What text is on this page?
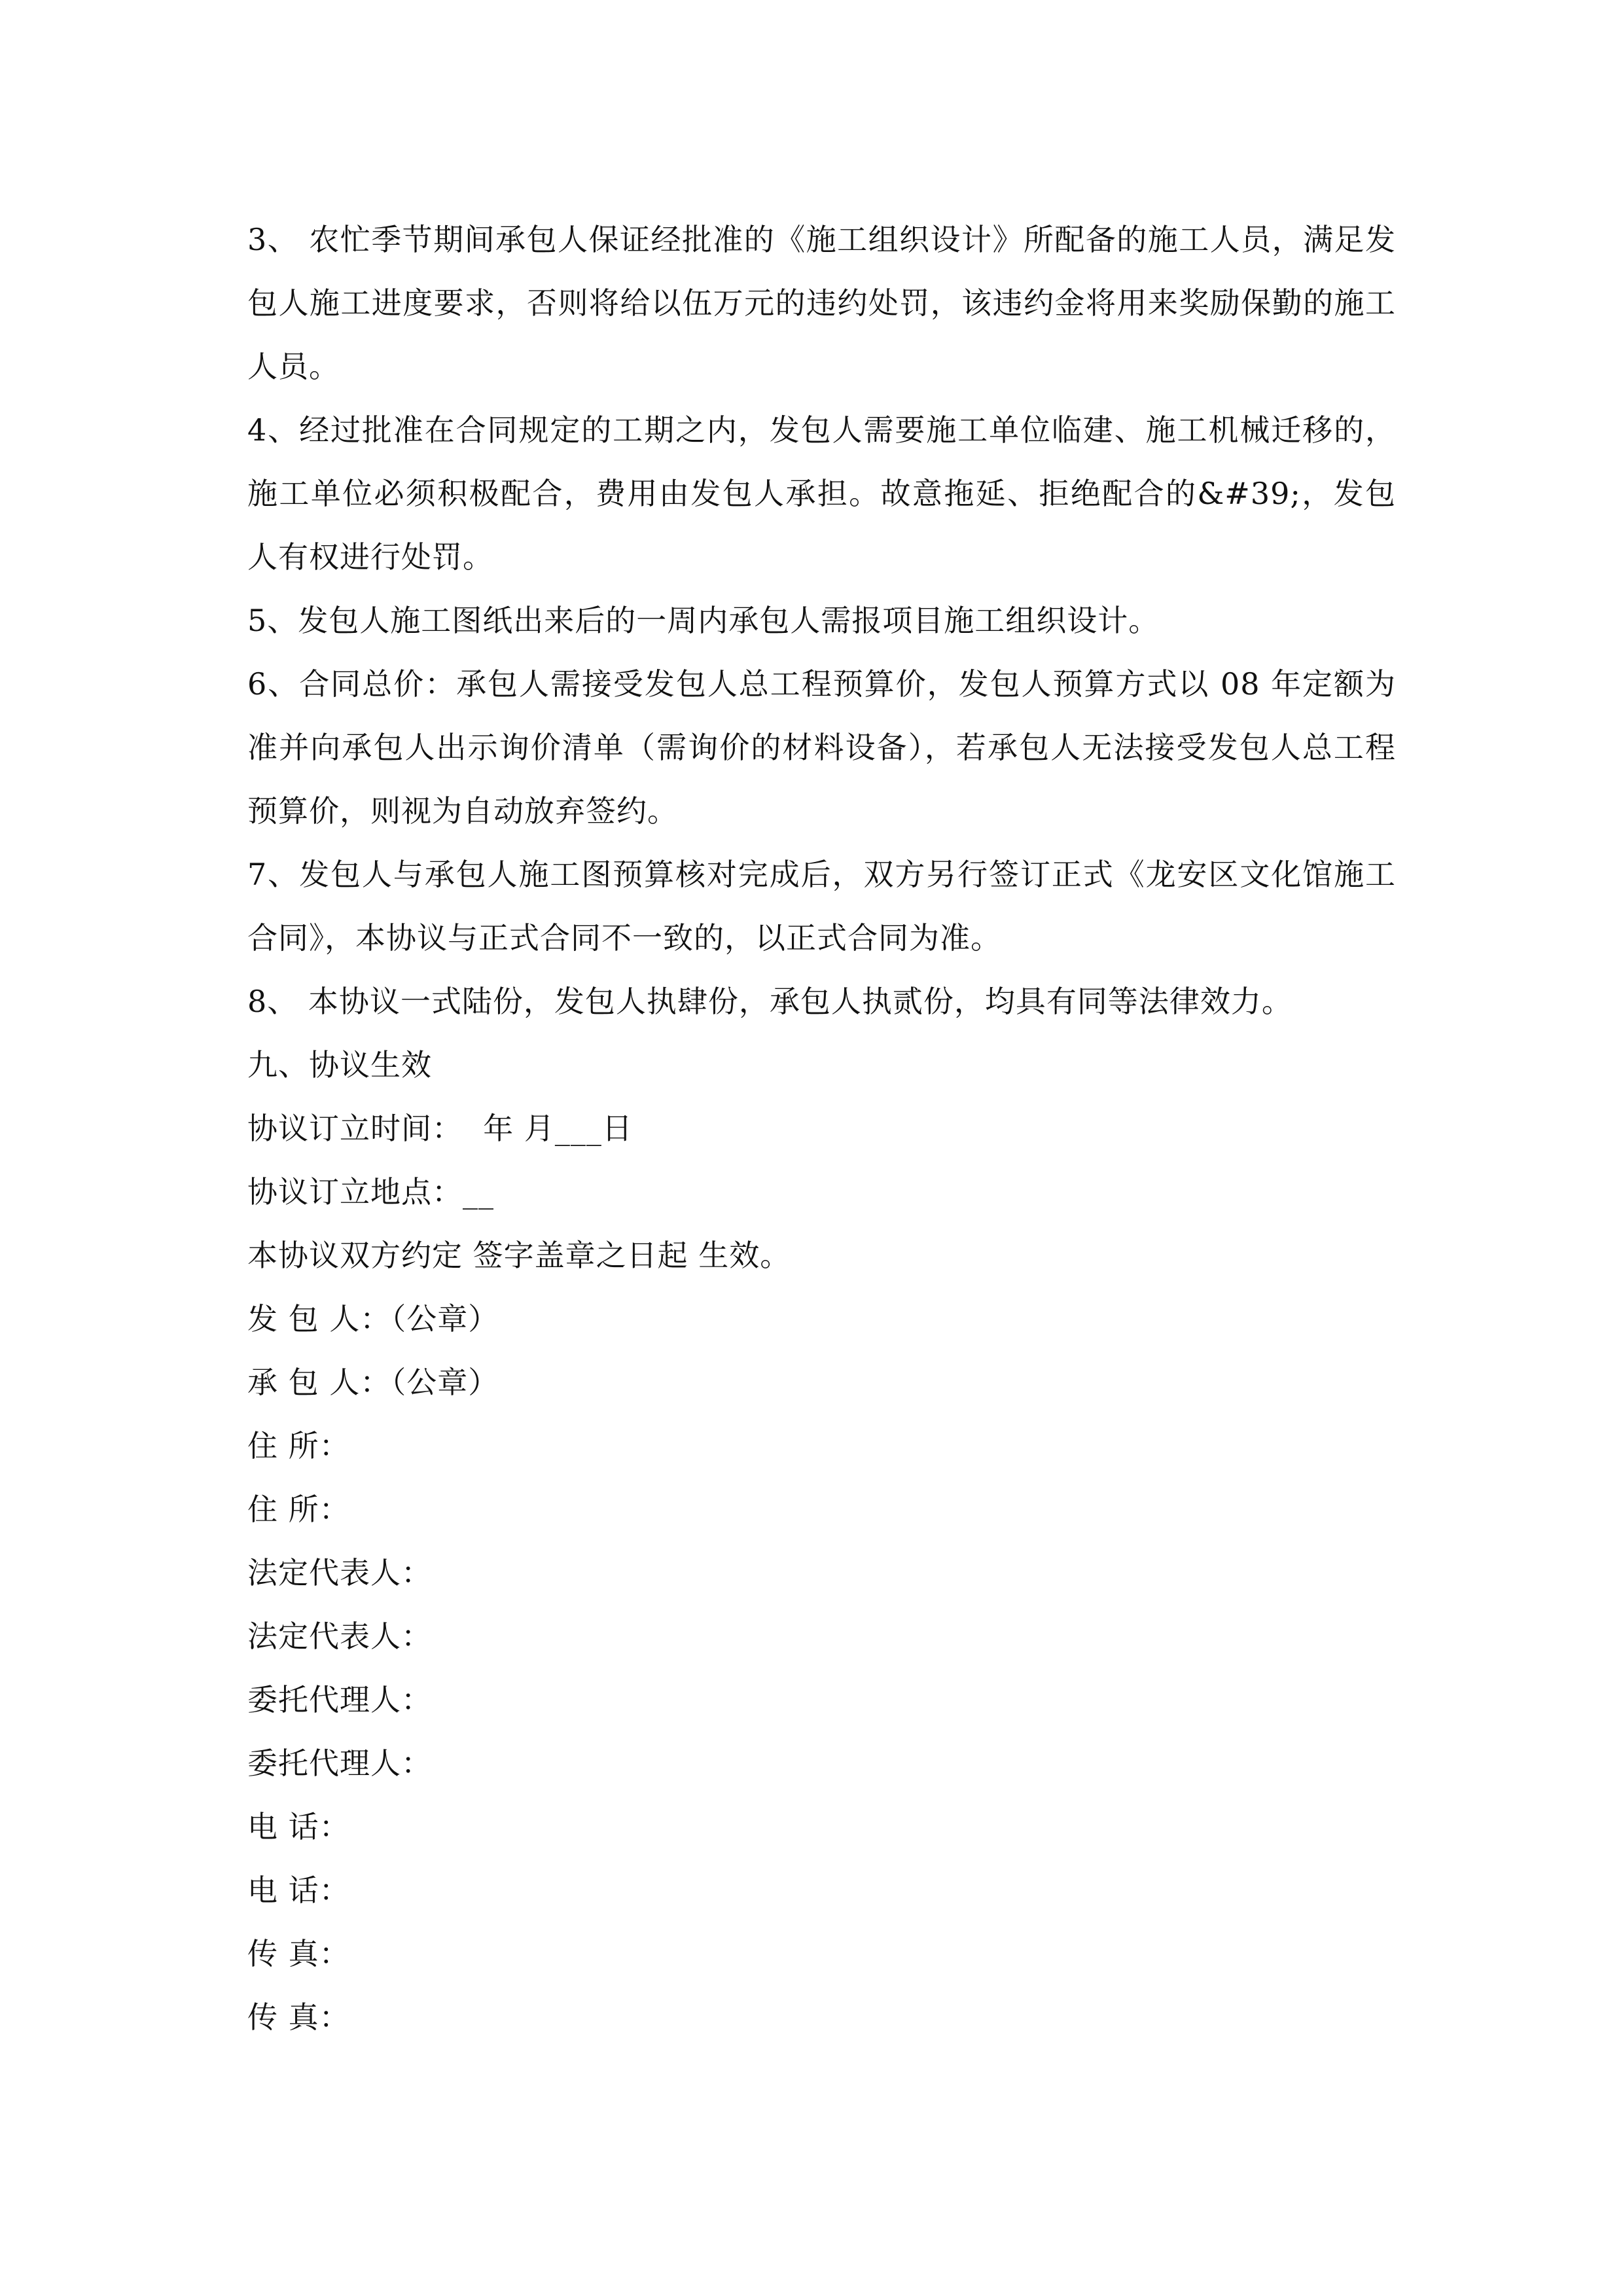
3、 农忙季节期间承包人保证经批准的《施工组织设计》所配备的施工人员，满足发包人施工进度要求，否则将给以伍万元的违约处罚，该违约金将用来奖励保勤的施工人员。

4、经过批准在合同规定的工期之内，发包人需要施工单位临建、施工机械迁移的，施工单位必须积极配合，费用由发包人承担。故意拖延、拒绝配合的&#39;，发包人有权进行处罚。

5、发包人施工图纸出来后的一周内承包人需报项目施工组织设计。

6、合同总价：承包人需接受发包人总工程预算价，发包人预算方式以 08 年定额为准并向承包人出示询价清单（需询价的材料设备），若承包人无法接受发包人总工程预算价，则视为自动放弃签约。

7、发包人与承包人施工图预算核对完成后，双方另行签订正式《龙安区文化馆施工合同》，本协议与正式合同不一致的，以正式合同为准。

8、 本协议一式陆份，发包人执肆份，承包人执贰份，均具有同等法律效力。

九、协议生效

协议订立时间：  年 月___日

协议订立地点：__

本协议双方约定 签字盖章之日起 生效。

发 包 人：（公章）

承 包 人：（公章）

住 所：

住 所：

法定代表人：

法定代表人：

委托代理人：

委托代理人：

电 话：

电 话：

传 真：

传 真：
